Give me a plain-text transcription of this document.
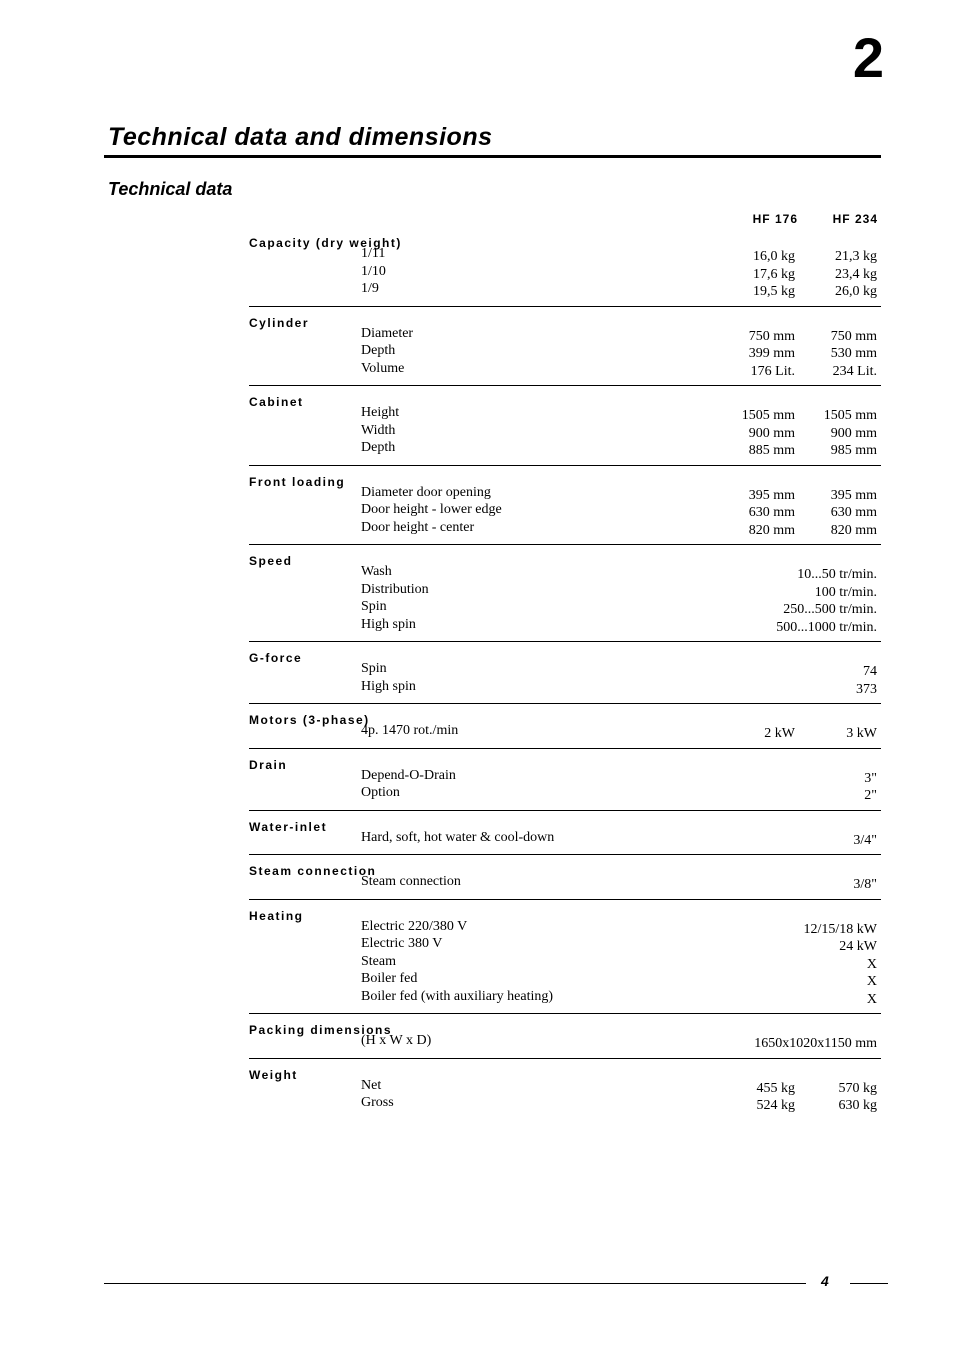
2
Technical data and dimensions
Technical data
HF 176	HF 234
Capacity (dry weight)
1/11	16,0 kg	21,3 kg
1/10	17,6 kg	23,4 kg
1/9	19,5 kg	26,0 kg
Cylinder
Diameter	750 mm	750 mm
Depth	399 mm	530 mm
Volume	176 Lit.	234 Lit.
Cabinet
Height	1505 mm 1505 mm
Width	900 mm	900 mm
Depth	885 mm	985 mm
Front loading
Diameter door opening	395 mm	395 mm
Door height - lower edge	630 mm	630 mm
Door height - center	820 mm	820 mm
Speed
Wash	10...50 tr/min.
Distribution	100 tr/min.
Spin	250...500 tr/min.
High spin	500...1000 tr/min.
G-force
Spin	74
High spin	373
Motors (3-phase)
4p. 1470 rot./min	2 kW	3 kW
Drain
Depend-O-Drain	3"
Option	2"
Water-inlet
Hard, soft, hot water & cool-down	3/4"
Steam connection
Steam connection	3/8"
Heating
Electric 220/380 V	12/15/18 kW
Electric 380 V	24 kW
Steam	X
Boiler fed	X
Boiler fed (with auxiliary heating)	X
Packing dimensions
(H x W x D)	1650x1020x1150 mm
Weight
Net	455 kg	570 kg
Gross	524 kg	630 kg
4
